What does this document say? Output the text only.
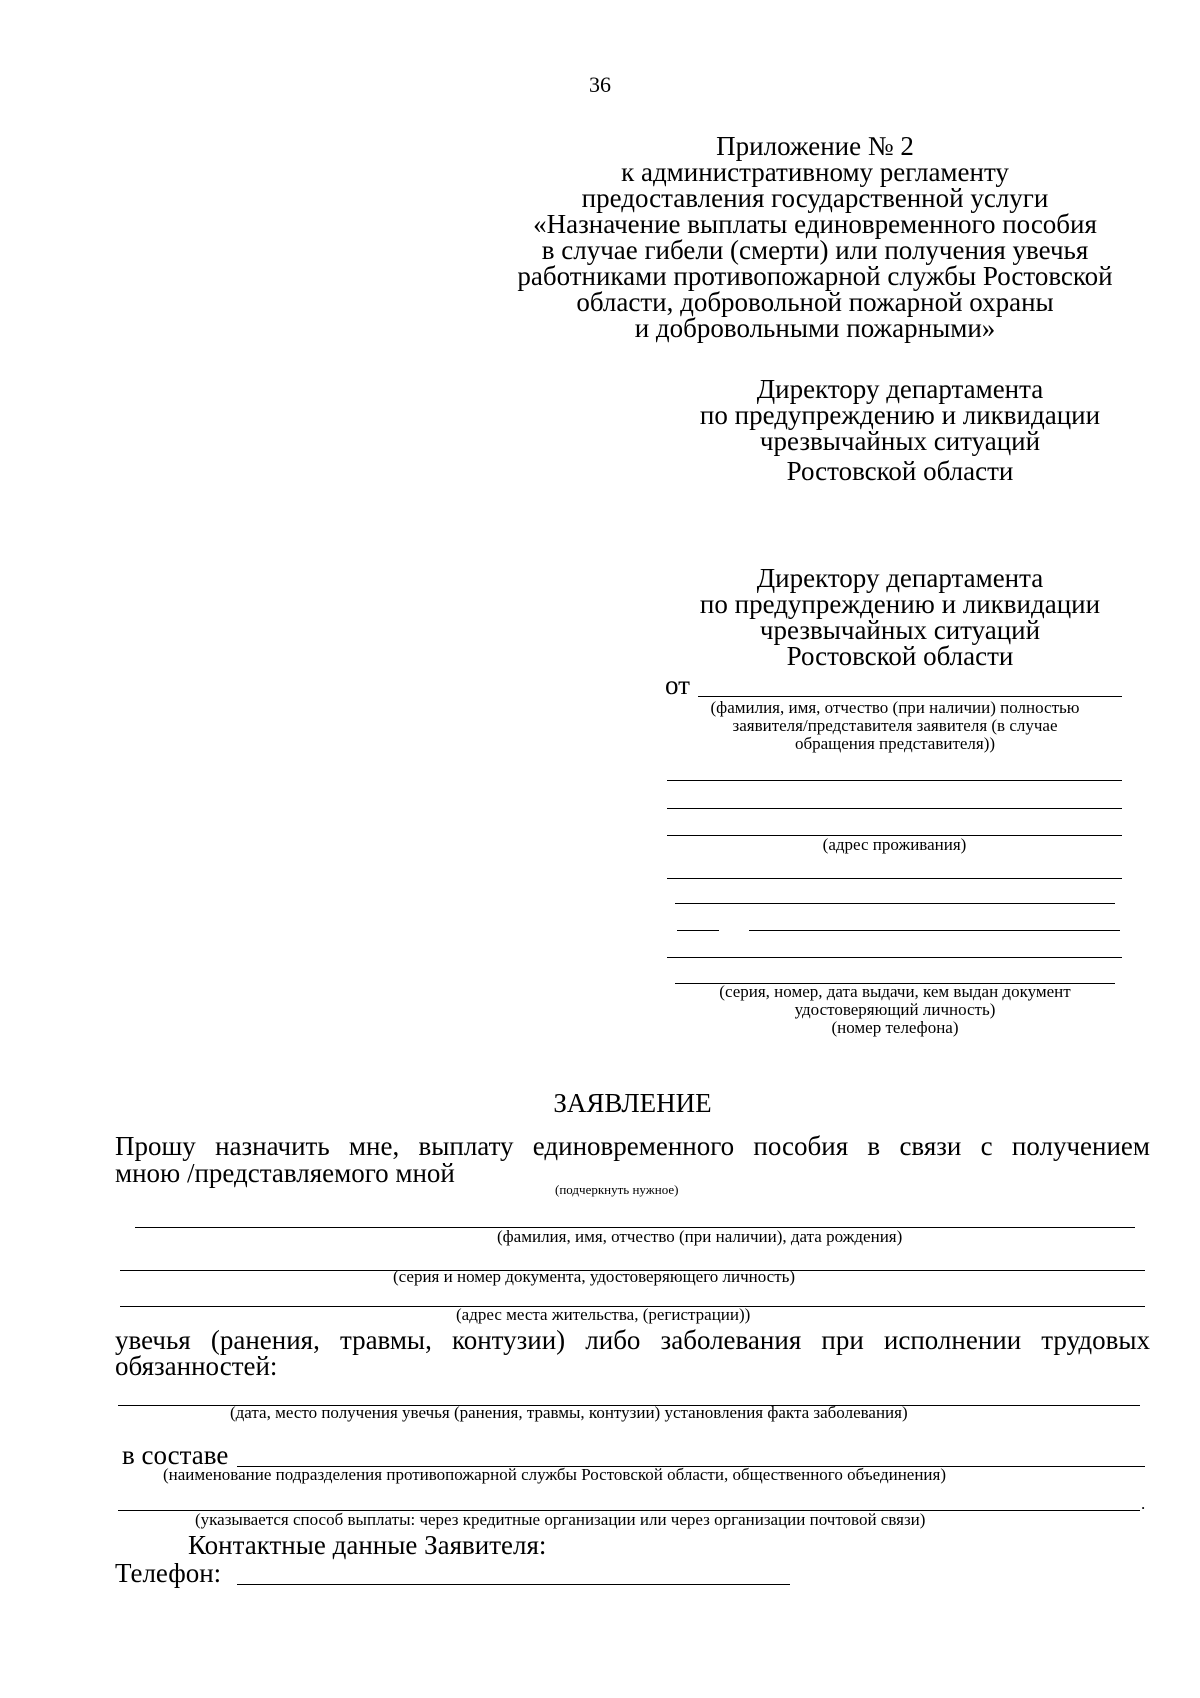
36
Приложение № 2
к административному регламенту
предоставления государственной услуги
«Назначение выплаты единовременного пособия
в случае гибели (смерти) или получения увечья
работниками противопожарной службы Ростовской
области, добровольной пожарной охраны
и добровольными пожарными»
Директору департамента
по предупреждению и ликвидации
чрезвычайных ситуаций
Ростовской области
Директору департамента
по предупреждению и ликвидации
чрезвычайных ситуаций
Ростовской области
от
(фамилия, имя, отчество (при наличии) полностью
заявителя/представителя заявителя (в случае
обращения представителя))
(адрес проживания)
(серия, номер, дата выдачи, кем выдан документ
удостоверяющий личность)
(номер телефона)
ЗАЯВЛЕНИЕ
Прошу назначить мне, выплату единовременного пособия в связи с получением
мною /представляемого мной
(подчеркнуть нужное)
(фамилия, имя, отчество (при наличии), дата рождения)
(серия и номер документа, удостоверяющего личность)
(адрес места жительства, (регистрации))
увечья (ранения, травмы, контузии) либо заболевания при исполнении трудовых
обязанностей:
(дата, место получения увечья (ранения, травмы, контузии) установления факта заболевания)
в составе
(наименование подразделения противопожарной службы Ростовской области, общественного объединения)
.
(указывается способ выплаты: через кредитные организации или через организации почтовой связи)
Контактные данные Заявителя:
Телефон:
